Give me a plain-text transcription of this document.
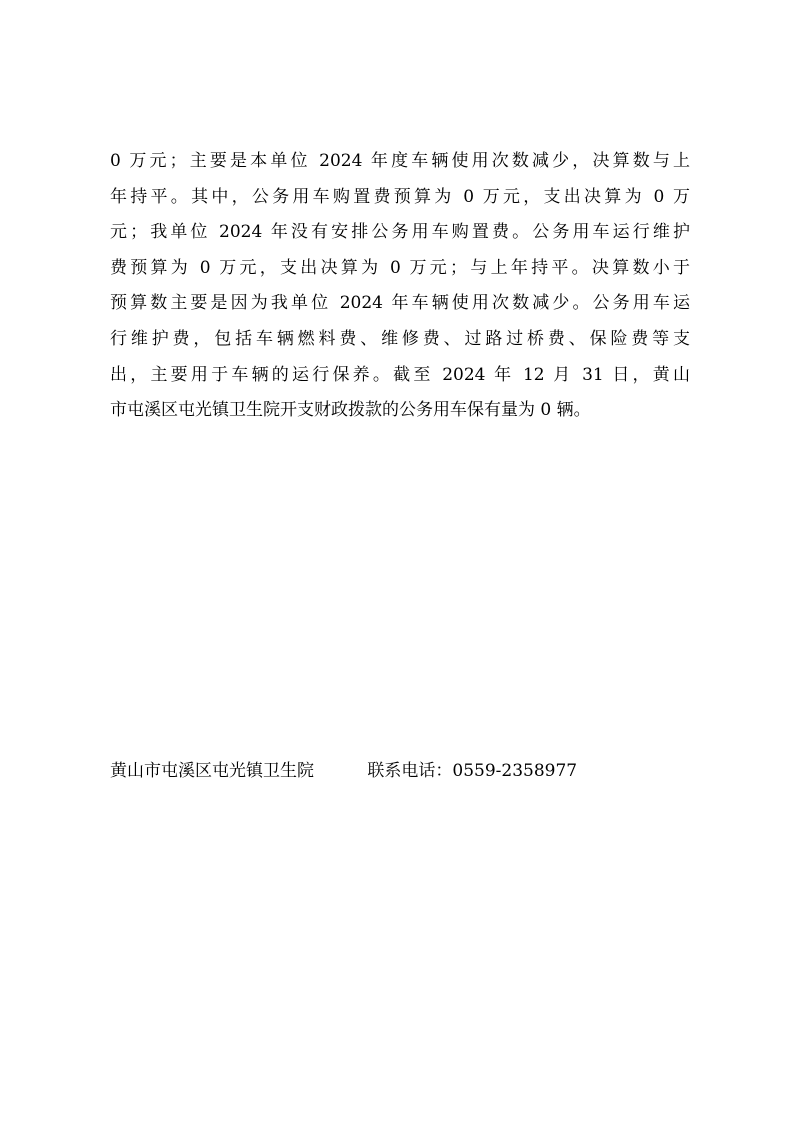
0 万元；主要是本单位 2024 年度车辆使用次数减少，决算数与上
年持平。其中，公务用车购置费预算为 0 万元，支出决算为 0 万
元；我单位 2024 年没有安排公务用车购置费。公务用车运行维护
费预算为 0 万元，支出决算为 0 万元；与上年持平。决算数小于
预算数主要是因为我单位 2024 年车辆使用次数减少。公务用车运
行维护费，包括车辆燃料费、维修费、过路过桥费、保险费等支
出，主要用于车辆的运行保养。截至 2024 年 12 月 31 日，黄山
市屯溪区屯光镇卫生院开支财政拨款的公务用车保有量为 0 辆。
黄山市屯溪区屯光镇卫生院	联系电话：0559-2358977
